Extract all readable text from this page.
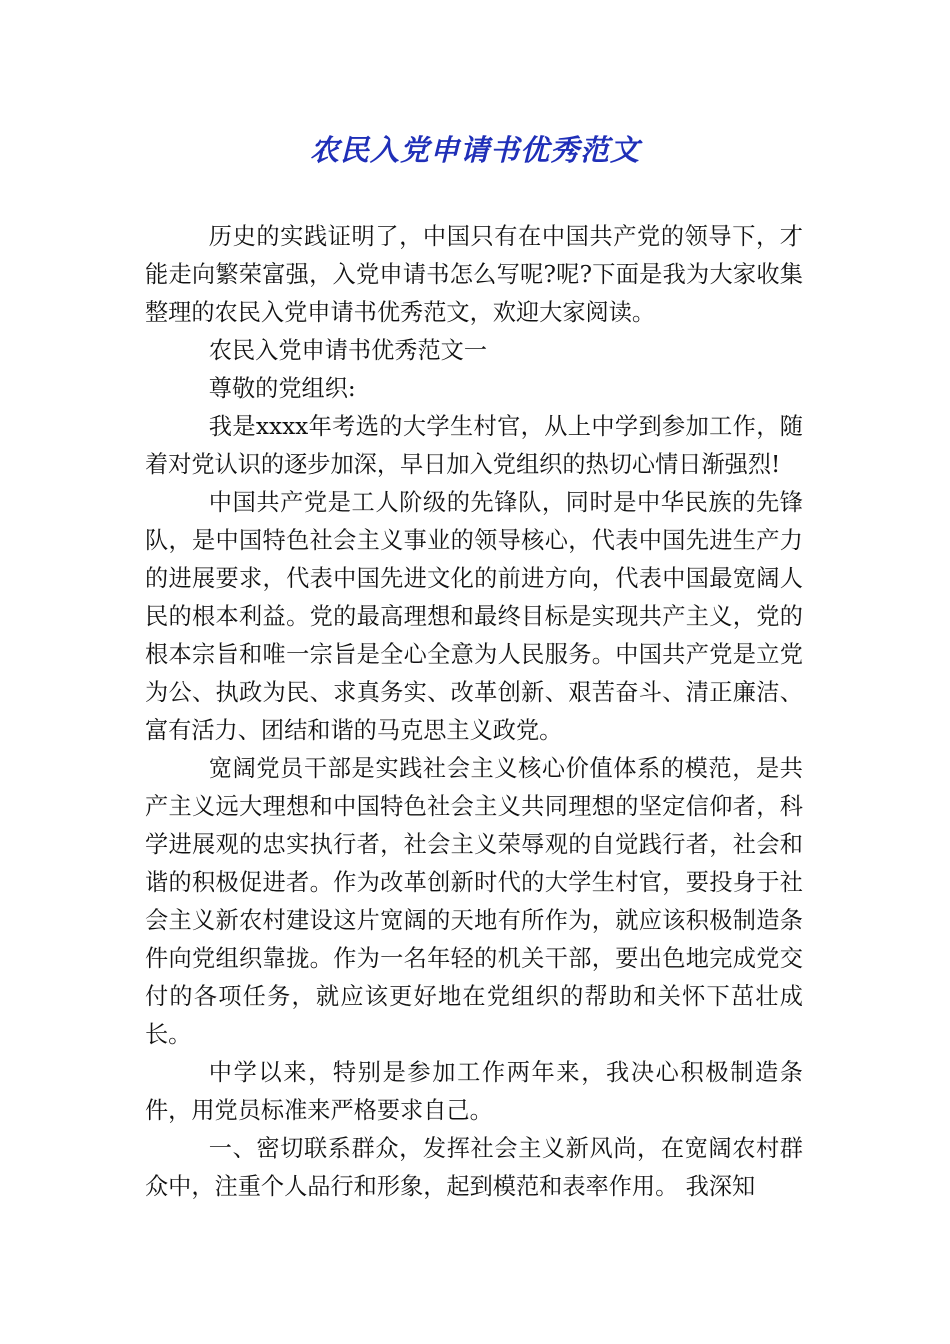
农民入党申请书优秀范文

历史的实践证明了，中国只有在中国共产党的领导下，才能走向繁荣富强，入党申请书怎么写呢?呢?下面是我为大家收集整理的农民入党申请书优秀范文，欢迎大家阅读。

农民入党申请书优秀范文一

尊敬的党组织:

我是xxxx年考选的大学生村官，从上中学到参加工作，随着对党认识的逐步加深，早日加入党组织的热切心情日渐强烈!

中国共产党是工人阶级的先锋队，同时是中华民族的先锋队，是中国特色社会主义事业的领导核心，代表中国先进生产力的进展要求，代表中国先进文化的前进方向，代表中国最宽阔人民的根本利益。党的最高理想和最终目标是实现共产主义，党的根本宗旨和唯一宗旨是全心全意为人民服务。中国共产党是立党为公、执政为民、求真务实、改革创新、艰苦奋斗、清正廉洁、富有活力、团结和谐的马克思主义政党。

宽阔党员干部是实践社会主义核心价值体系的模范，是共产主义远大理想和中国特色社会主义共同理想的坚定信仰者，科学进展观的忠实执行者，社会主义荣辱观的自觉践行者，社会和谐的积极促进者。作为改革创新时代的大学生村官，要投身于社会主义新农村建设这片宽阔的天地有所作为，就应该积极制造条件向党组织靠拢。作为一名年轻的机关干部，要出色地完成党交付的各项任务，就应该更好地在党组织的帮助和关怀下茁壮成长。

中学以来，特别是参加工作两年来，我决心积极制造条件，用党员标准来严格要求自己。

一、密切联系群众，发挥社会主义新风尚，在宽阔农村群众中，注重个人品行和形象，起到模范和表率作用。 我深知
